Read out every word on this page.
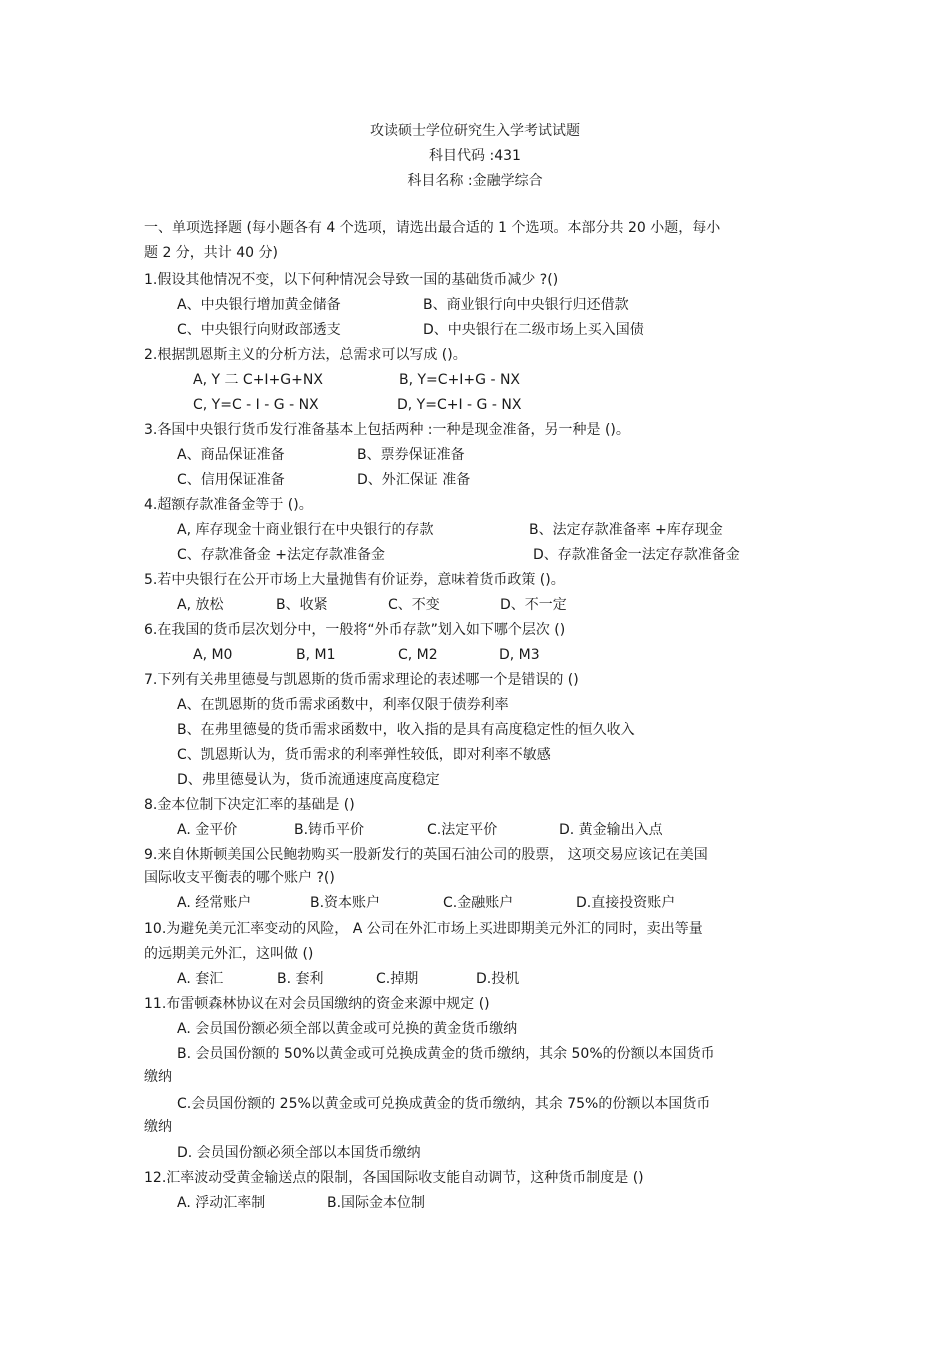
攻读硕士学位研究生入学考试试题
科目代码 :431
科目名称 :金融学综合
一、单项选择题 (每小题各有 4 个选项，请选出最合适的 1 个选项。本部分共 20 小题，每小
题 2 分，共计 40 分)
1.假设其他情况不变，以下何种情况会导致一国的基础货币减少 ?()
A、中央银行增加黄金储备	B、商业银行向中央银行归还借款
C、中央银行向财政部透支	D、中央银行在二级市场上买入国债
2.根据凯恩斯主义的分析方法，总需求可以写成 ()。
A, Y 二 C+I+G+NX	B, Y=C+I+G - NX
C, Y=C - I - G - NX	D, Y=C+I - G - NX
3.各国中央银行货币发行准备基本上包括两种 :一种是现金准备，另一种是 ()。
A、商品保证准备	B、票券保证准备
C、信用保证准备	D、外汇保证 准备
4.超额存款准备金等于 ()。
A, 库存现金十商业银行在中央银行的存款	B、法定存款准备率 +库存现金
C、存款准备金 +法定存款准备金	D、存款准备金一法定存款准备金
5.若中央银行在公开市场上大量抛售有价证券，意味着货币政策 ()。
A, 放松	B、收紧	C、不变	D、不一定
6.在我国的货币层次划分中，一般将“外币存款”划入如下哪个层次 ()
A, M0	B, M1	C, M2	D, M3
7.下列有关弗里德曼与凯恩斯的货币需求理论的表述哪一个是错误的 ()
A、在凯恩斯的货币需求函数中，利率仅限于债券利率
B、在弗里德曼的货币需求函数中，收入指的是具有高度稳定性的恒久收入
C、凯恩斯认为，货币需求的利率弹性较低，即对利率不敏感
D、弗里德曼认为，货币流通速度高度稳定
8.金本位制下决定汇率的基础是 ()
A. 金平价	B.铸币平价	C.法定平价	D. 黄金输出入点
9.来自休斯顿美国公民鲍勃购买一股新发行的英国石油公司的股票， 这项交易应该记在美国
国际收支平衡表的哪个账户 ?()
A. 经常账户	B.资本账户	C.金融账户	D.直接投资账户
10.为避免美元汇率变动的风险， A 公司在外汇市场上买进即期美元外汇的同时，卖出等量
的远期美元外汇，这叫做 ()
A. 套汇	B. 套利	C.掉期	D.投机
11.布雷顿森林协议在对会员国缴纳的资金来源中规定 ()
A. 会员国份额必须全部以黄金或可兑换的黄金货币缴纳
B. 会员国份额的 50%以黄金或可兑换成黄金的货币缴纳，其余 50%的份额以本国货币
缴纳
C.会员国份额的 25%以黄金或可兑换成黄金的货币缴纳，其余 75%的份额以本国货币
缴纳
D. 会员国份额必须全部以本国货币缴纳
12.汇率波动受黄金输送点的限制，各国国际收支能自动调节，这种货币制度是 ()
A. 浮动汇率制	B.国际金本位制
